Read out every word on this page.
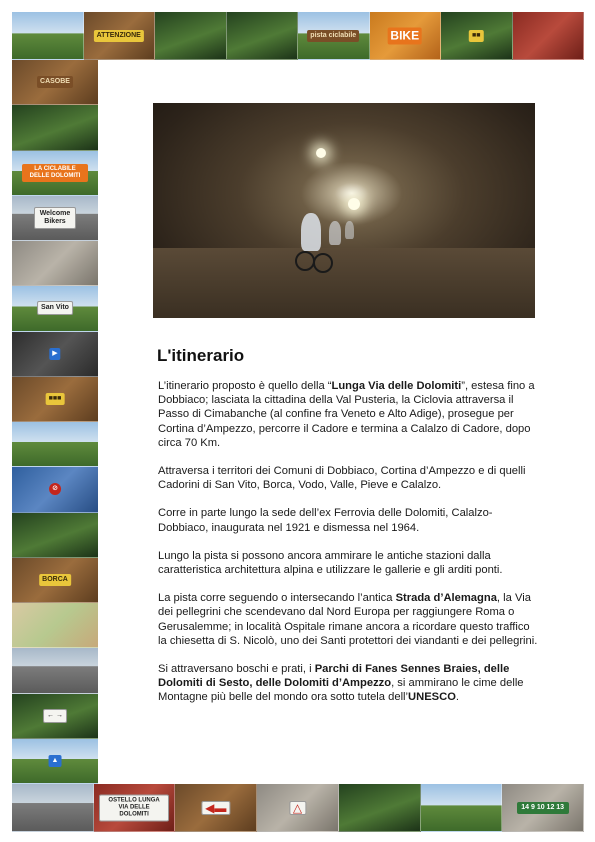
ATTENZIONE	pista ciclabile	BIKE	■■
CASOBE
LA CICLABILE DELLE DOLOMITI
Welcome Bikers
San Vito
▶
■■■
⊘
BORCA
← →
▲
OSTELLO LUNGA VIA DELLE DOLOMITI	◀▬	△	14 9 10 12 13
L'itinerario

L’itinerario proposto è quello della “Lunga Via delle Dolomiti”, estesa fino a Dobbiaco; lasciata la cittadina della Val Pusteria, la Ciclovia attraversa il Passo di Cimabanche (al confine fra Veneto e Alto Adige), prosegue per Cortina d’Ampezzo, percorre il Cadore e termina a Calalzo di Cadore, dopo circa 70 Km.

Attraversa i territori dei Comuni di Dobbiaco, Cortina d’Ampezzo e di quelli Cadorini di San Vito, Borca, Vodo, Valle, Pieve e Calalzo.

Corre in parte lungo la sede dell’ex Ferrovia delle Dolomiti, Calalzo-Dobbiaco, inaugurata nel 1921 e dismessa nel 1964.

Lungo la pista si possono ancora ammirare le antiche stazioni dalla caratteristica architettura alpina e utilizzare le gallerie e gli arditi ponti.

La pista corre seguendo o intersecando l’antica Strada d’Alemagna, la Via dei pellegrini che scendevano dal Nord Europa per raggiungere Roma o Gerusalemme; in località Ospitale rimane ancora a ricordare questo traffico la chiesetta di S. Nicolò, uno dei Santi protettori dei viandanti e dei pellegrini.

Si attraversano boschi e prati, i Parchi di Fanes Sennes Braies, delle Dolomiti di Sesto, delle Dolomiti d’Ampezzo, si ammirano le cime delle Montagne più belle del mondo ora sotto tutela dell’UNESCO.
